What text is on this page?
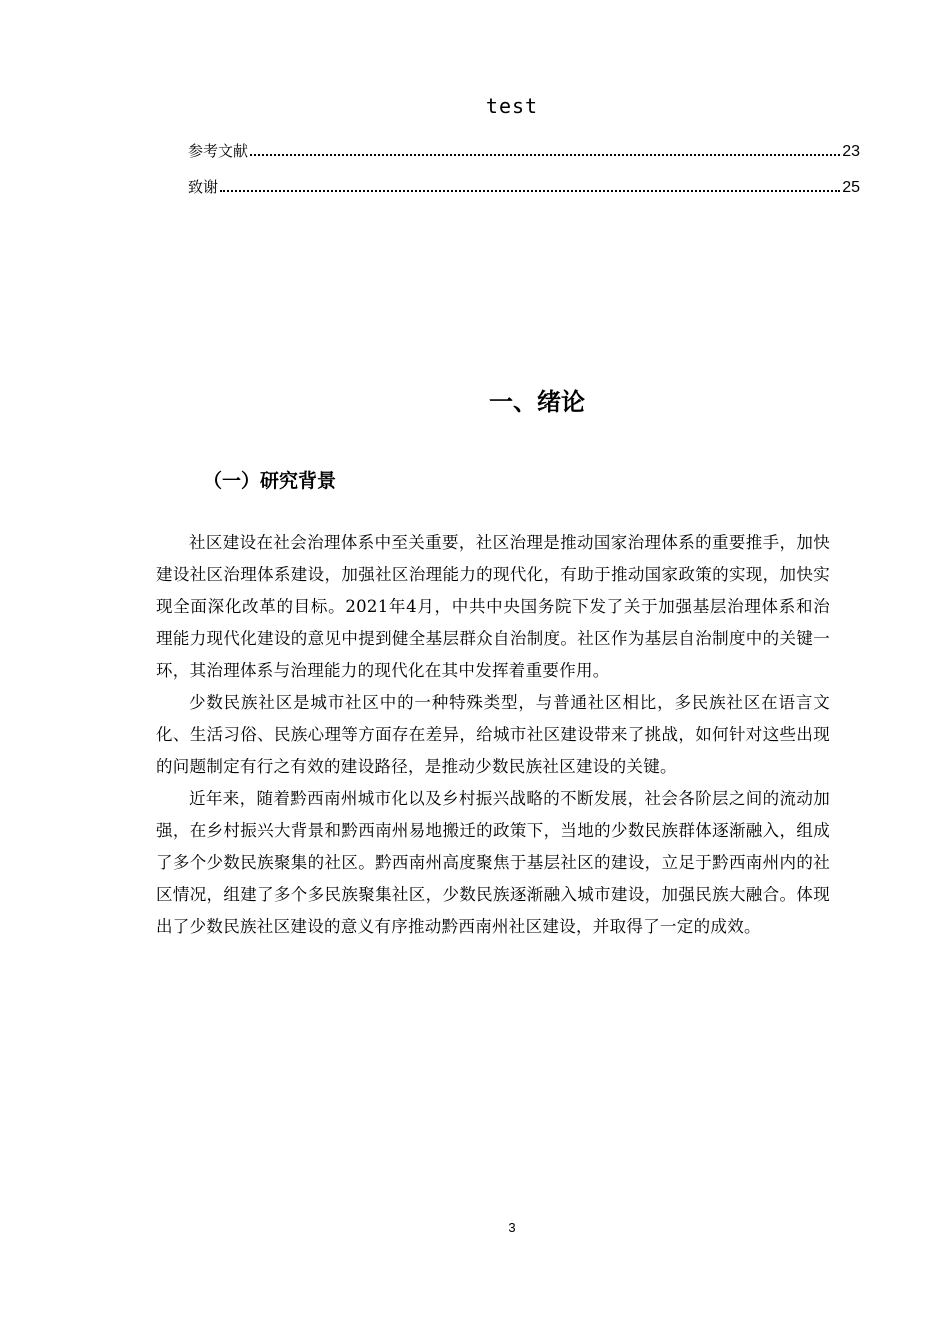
test
参考文献	23
致谢	25
一、绪论
（一）研究背景

社区建设在社会治理体系中至关重要，社区治理是推动国家治理体系的重要推手，加快建设社区治理体系建设，加强社区治理能力的现代化，有助于推动国家政策的实现，加快实现全面深化改革的目标。2021年4月，中共中央国务院下发了关于加强基层治理体系和治理能力现代化建设的意见中提到健全基层群众自治制度。社区作为基层自治制度中的关键一环，其治理体系与治理能力的现代化在其中发挥着重要作用。

少数民族社区是城市社区中的一种特殊类型，与普通社区相比，多民族社区在语言文化、生活习俗、民族心理等方面存在差异，给城市社区建设带来了挑战，如何针对这些出现的问题制定有行之有效的建设路径，是推动少数民族社区建设的关键。

近年来，随着黔西南州城市化以及乡村振兴战略的不断发展，社会各阶层之间的流动加强，在乡村振兴大背景和黔西南州易地搬迁的政策下，当地的少数民族群体逐渐融入，组成了多个少数民族聚集的社区。黔西南州高度聚焦于基层社区的建设，立足于黔西南州内的社区情况，组建了多个多民族聚集社区，少数民族逐渐融入城市建设，加强民族大融合。体现出了少数民族社区建设的意义有序推动黔西南州社区建设，并取得了一定的成效。

3
